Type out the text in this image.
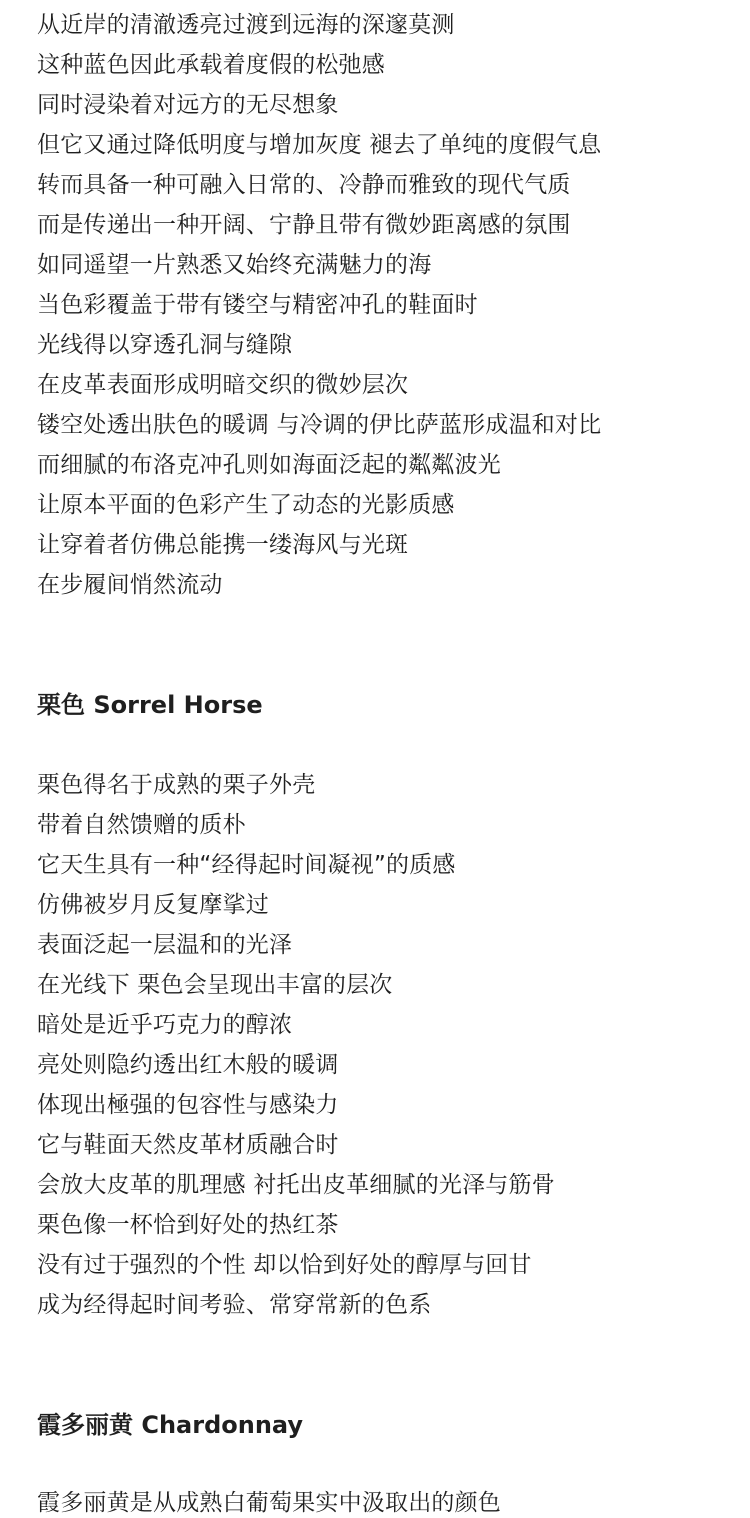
从近岸的清澈透亮过渡到远海的深邃莫测
这种蓝色因此承载着度假的松弛感
同时浸染着对远方的无尽想象
但它又通过降低明度与增加灰度 褪去了单纯的度假气息
转而具备一种可融入日常的、冷静而雅致的现代气质
而是传递出一种开阔、宁静且带有微妙距离感的氛围
如同遥望一片熟悉又始终充满魅力的海
当色彩覆盖于带有镂空与精密冲孔的鞋面时
光线得以穿透孔洞与缝隙
在皮革表面形成明暗交织的微妙层次
镂空处透出肤色的暖调 与冷调的伊比萨蓝形成温和对比
而细腻的布洛克冲孔则如海面泛起的粼粼波光
让原本平面的色彩产生了动态的光影质感
让穿着者仿佛总能携一缕海风与光斑
在步履间悄然流动
栗色 Sorrel Horse
栗色得名于成熟的栗子外壳
带着自然馈赠的质朴
它天生具有一种“经得起时间凝视”的质感
仿佛被岁月反复摩挲过
表面泛起一层温和的光泽
在光线下 栗色会呈现出丰富的层次
暗处是近乎巧克力的醇浓
亮处则隐约透出红木般的暖调
体现出極强的包容性与感染力
它与鞋面天然皮革材质融合时
会放大皮革的肌理感 衬托出皮革细腻的光泽与筋骨
栗色像一杯恰到好处的热红茶
没有过于强烈的个性 却以恰到好处的醇厚与回甘
成为经得起时间考验、常穿常新的色系
霞多丽黄 Chardonnay
霞多丽黄是从成熟白葡萄果实中汲取出的颜色
